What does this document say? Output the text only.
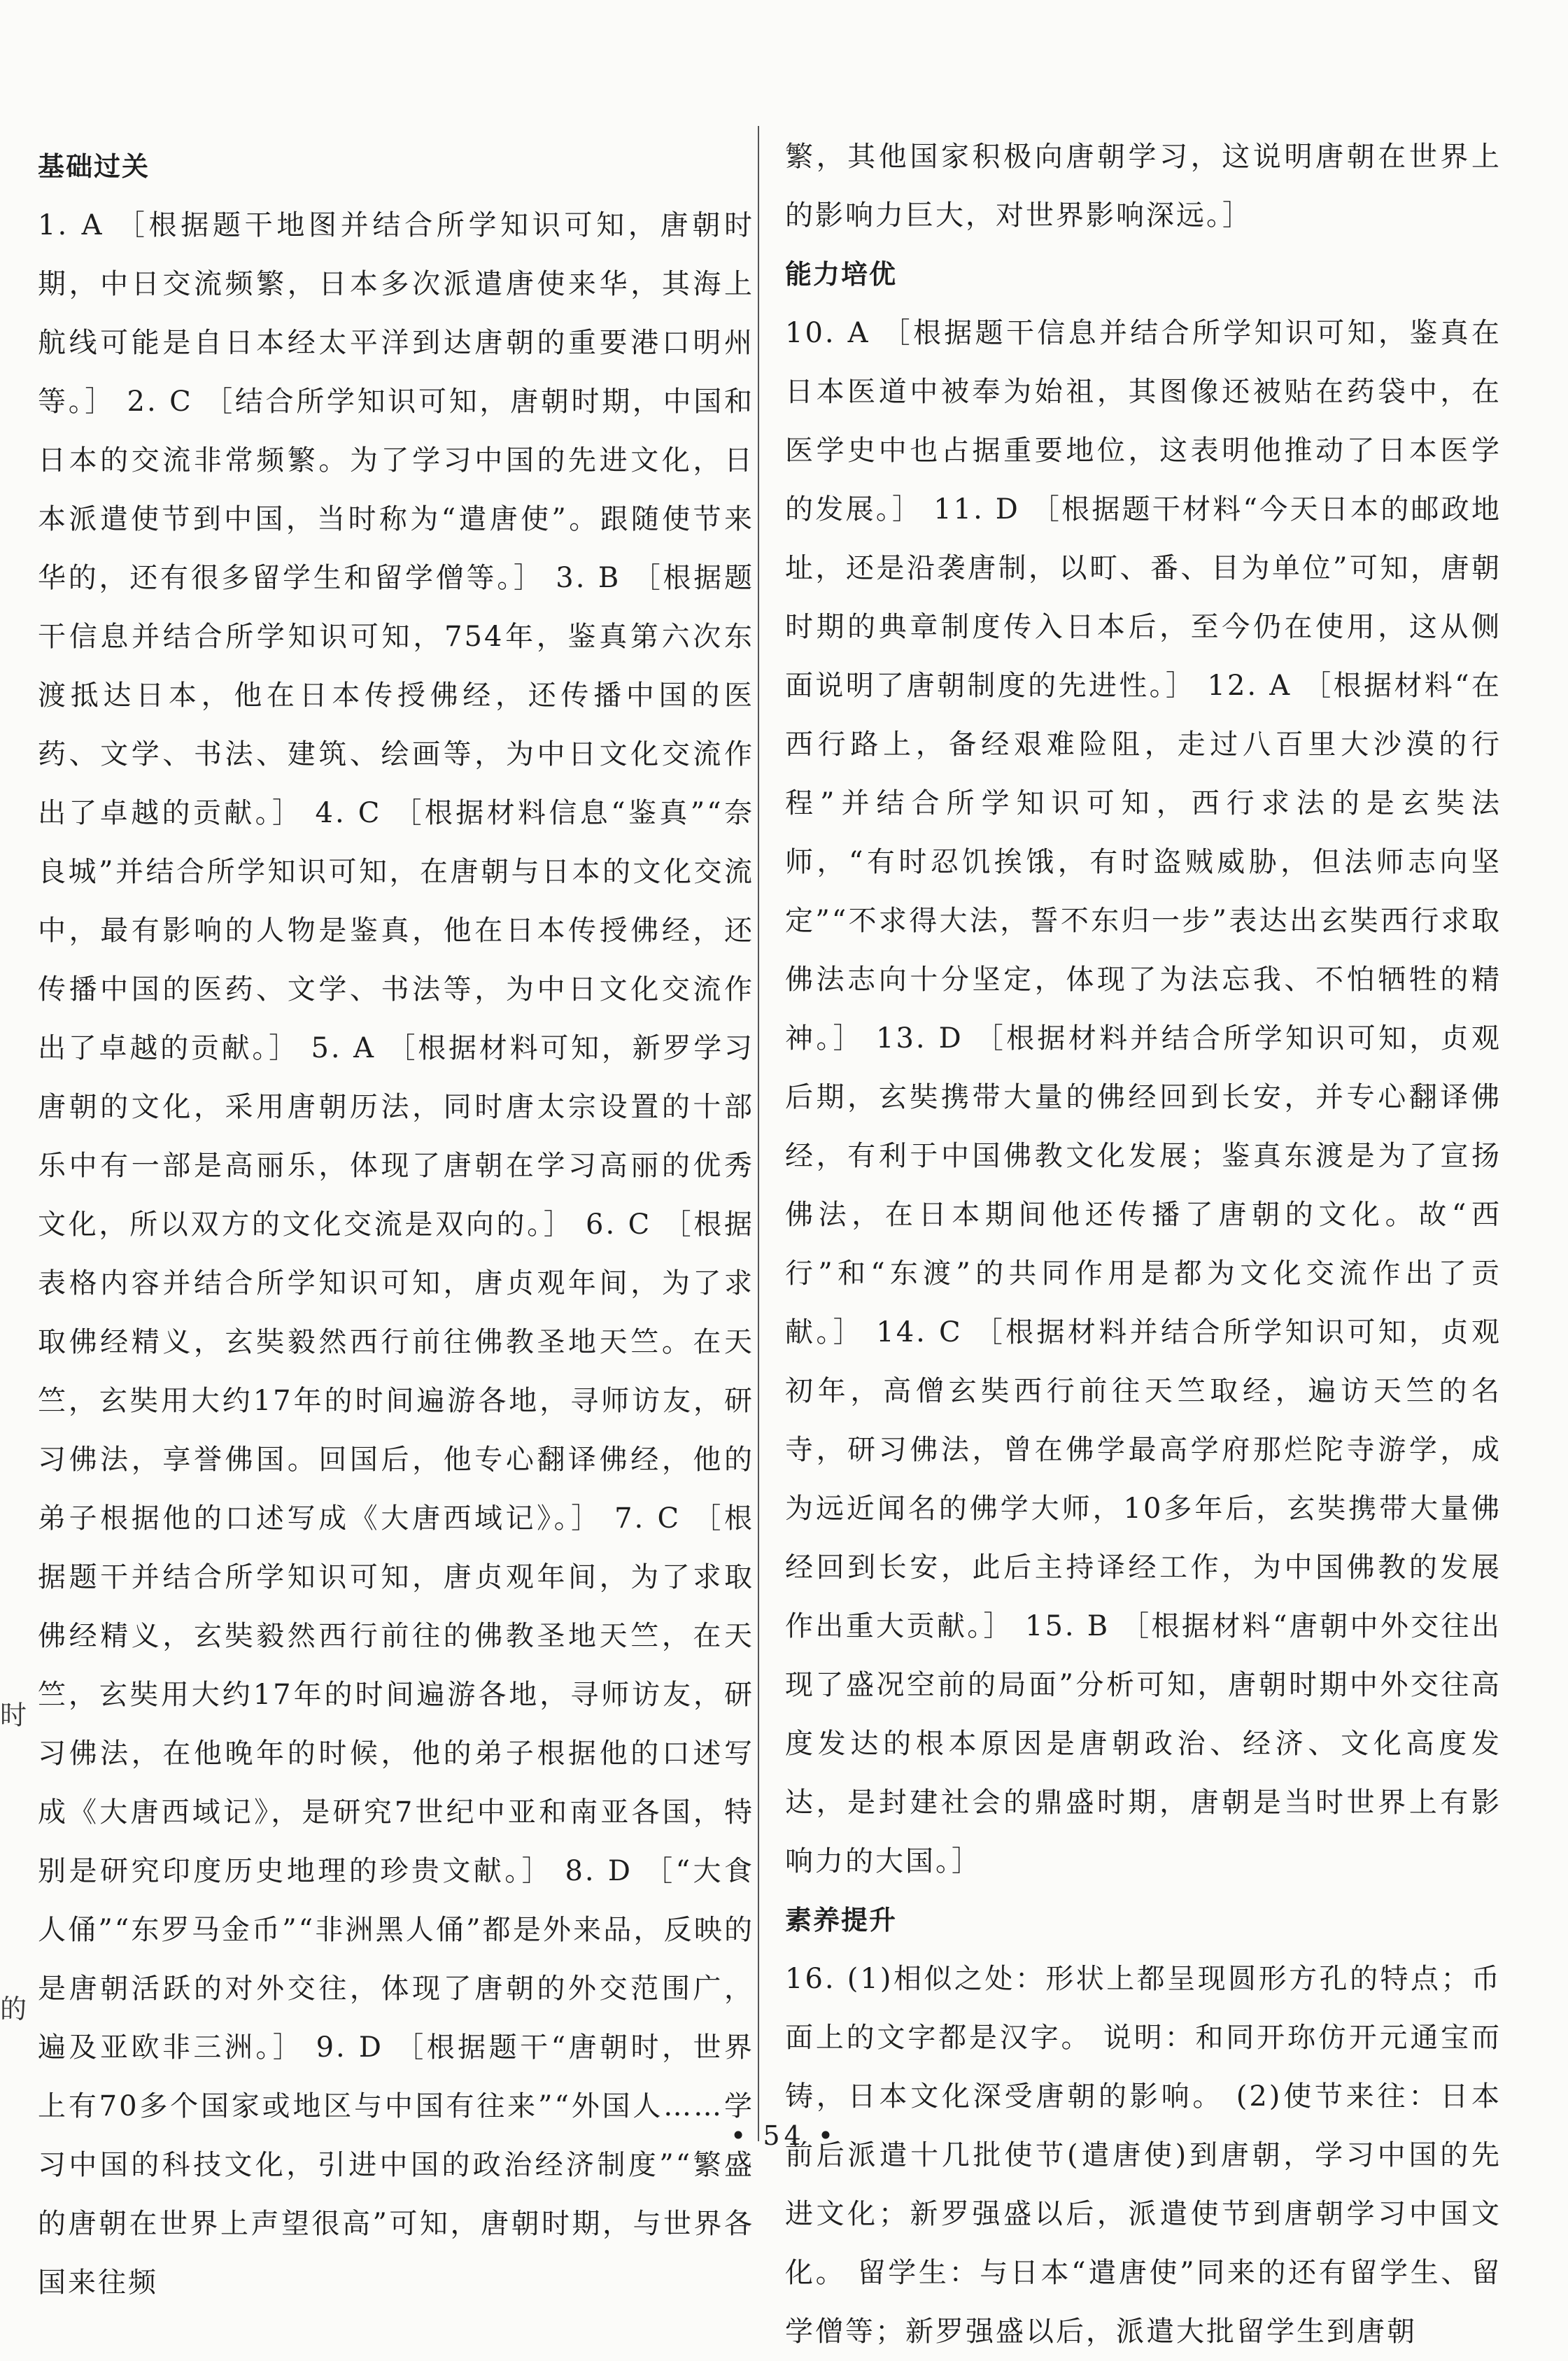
基础过关

1. A ［根据题干地图并结合所学知识可知，唐朝时期，中日交流频繁，日本多次派遣唐使来华，其海上航线可能是自日本经太平洋到达唐朝的重要港口明州等。］ 2. C ［结合所学知识可知，唐朝时期，中国和日本的交流非常频繁。为了学习中国的先进文化，日本派遣使节到中国，当时称为“遣唐使”。跟随使节来华的，还有很多留学生和留学僧等。］ 3. B ［根据题干信息并结合所学知识可知，754年，鉴真第六次东渡抵达日本，他在日本传授佛经，还传播中国的医药、文学、书法、建筑、绘画等，为中日文化交流作出了卓越的贡献。］ 4. C ［根据材料信息“鉴真”“奈良城”并结合所学知识可知，在唐朝与日本的文化交流中，最有影响的人物是鉴真，他在日本传授佛经，还传播中国的医药、文学、书法等，为中日文化交流作出了卓越的贡献。］ 5. A ［根据材料可知，新罗学习唐朝的文化，采用唐朝历法，同时唐太宗设置的十部乐中有一部是高丽乐，体现了唐朝在学习高丽的优秀文化，所以双方的文化交流是双向的。］ 6. C ［根据表格内容并结合所学知识可知，唐贞观年间，为了求取佛经精义，玄奘毅然西行前往佛教圣地天竺。在天竺，玄奘用大约17年的时间遍游各地，寻师访友，研习佛法，享誉佛国。回国后，他专心翻译佛经，他的弟子根据他的口述写成《大唐西域记》。］ 7. C ［根据题干并结合所学知识可知，唐贞观年间，为了求取佛经精义，玄奘毅然西行前往的佛教圣地天竺，在天竺，玄奘用大约17年的时间遍游各地，寻师访友，研习佛法，在他晚年的时候，他的弟子根据他的口述写成《大唐西域记》，是研究7世纪中亚和南亚各国，特别是研究印度历史地理的珍贵文献。］ 8. D ［“大食人俑”“东罗马金币”“非洲黑人俑”都是外来品，反映的是唐朝活跃的对外交往，体现了唐朝的外交范围广，遍及亚欧非三洲。］ 9. D ［根据题干“唐朝时，世界上有70多个国家或地区与中国有往来”“外国人……学习中国的科技文化，引进中国的政治经济制度”“繁盛的唐朝在世界上声望很高”可知，唐朝时期，与世界各国来往频

繁，其他国家积极向唐朝学习，这说明唐朝在世界上的影响力巨大，对世界影响深远。］

能力培优

10. A ［根据题干信息并结合所学知识可知，鉴真在日本医道中被奉为始祖，其图像还被贴在药袋中，在医学史中也占据重要地位，这表明他推动了日本医学的发展。］ 11. D ［根据题干材料“今天日本的邮政地址，还是沿袭唐制，以町、番、目为单位”可知，唐朝时期的典章制度传入日本后，至今仍在使用，这从侧面说明了唐朝制度的先进性。］ 12. A ［根据材料“在西行路上，备经艰难险阻，走过八百里大沙漠的行程”并结合所学知识可知，西行求法的是玄奘法师，“有时忍饥挨饿，有时盗贼威胁，但法师志向坚定”“不求得大法，誓不东归一步”表达出玄奘西行求取佛法志向十分坚定，体现了为法忘我、不怕牺牲的精神。］ 13. D ［根据材料并结合所学知识可知，贞观后期，玄奘携带大量的佛经回到长安，并专心翻译佛经，有利于中国佛教文化发展；鉴真东渡是为了宣扬佛法，在日本期间他还传播了唐朝的文化。故“西行”和“东渡”的共同作用是都为文化交流作出了贡献。］ 14. C ［根据材料并结合所学知识可知，贞观初年，高僧玄奘西行前往天竺取经，遍访天竺的名寺，研习佛法，曾在佛学最高学府那烂陀寺游学，成为远近闻名的佛学大师，10多年后，玄奘携带大量佛经回到长安，此后主持译经工作，为中国佛教的发展作出重大贡献。］ 15. B ［根据材料“唐朝中外交往出现了盛况空前的局面”分析可知，唐朝时期中外交往高度发达的根本原因是唐朝政治、经济、文化高度发达，是封建社会的鼎盛时期，唐朝是当时世界上有影响力的大国。］

素养提升

16. (1)相似之处：形状上都呈现圆形方孔的特点；币面上的文字都是汉字。 说明：和同开珎仿开元通宝而铸，日本文化深受唐朝的影响。 (2)使节来往：日本前后派遣十几批使节(遣唐使)到唐朝，学习中国的先进文化；新罗强盛以后，派遣使节到唐朝学习中国文化。 留学生：与日本“遣唐使”同来的还有留学生、留学僧等；新罗强盛以后，派遣大批留学生到唐朝

时
的
• 54 •
